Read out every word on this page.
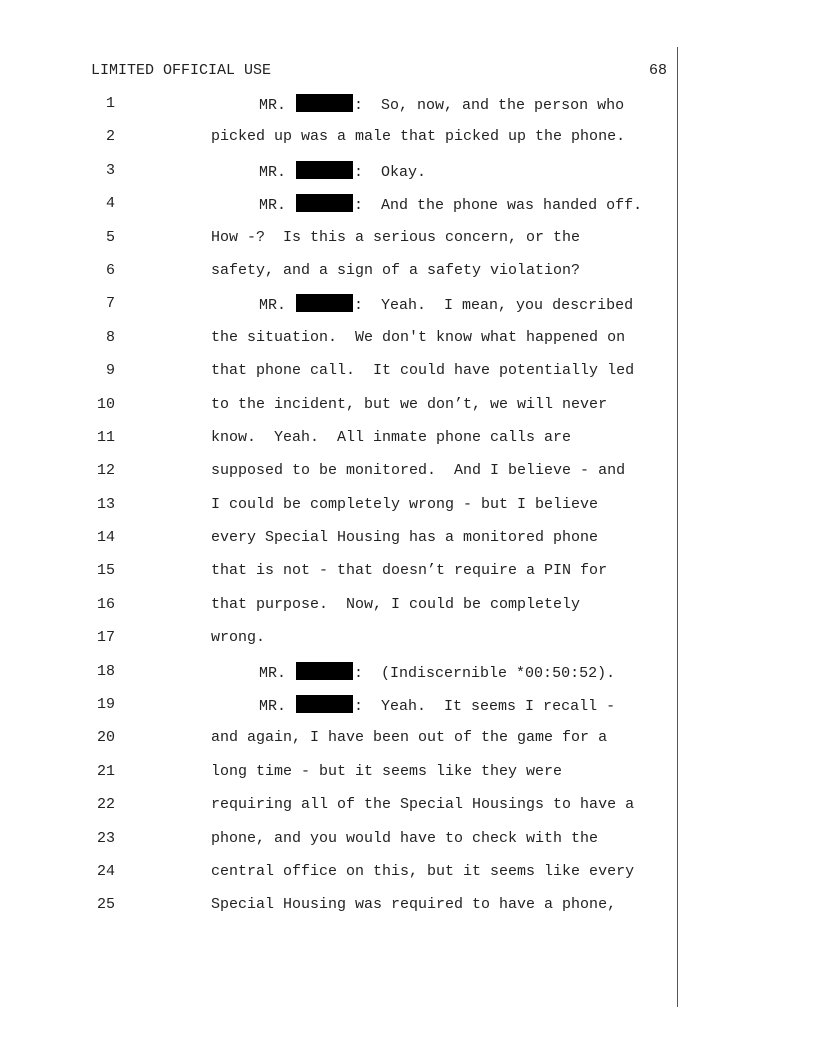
LIMITED OFFICIAL USE	68
1	MR.	:  So, now, and the person who
2	picked up was a male that picked up the phone.
3	MR.	:  Okay.
4	MR.	:  And the phone was handed off.
5	How -?  Is this a serious concern, or the
6	safety, and a sign of a safety violation?
7	MR.	:  Yeah.  I mean, you described
8	the situation.  We don't know what happened on
9	that phone call.  It could have potentially led
10	to the incident, but we don’t, we will never
11	know.  Yeah.  All inmate phone calls are
12	supposed to be monitored.  And I believe - and
13	I could be completely wrong - but I believe
14	every Special Housing has a monitored phone
15	that is not - that doesn’t require a PIN for
16	that purpose.  Now, I could be completely
17	wrong.
18	MR.	:  (Indiscernible *00:50:52).
19	MR.	:  Yeah.  It seems I recall -
20	and again, I have been out of the game for a
21	long time - but it seems like they were
22	requiring all of the Special Housings to have a
23	phone, and you would have to check with the
24	central office on this, but it seems like every
25	Special Housing was required to have a phone,
